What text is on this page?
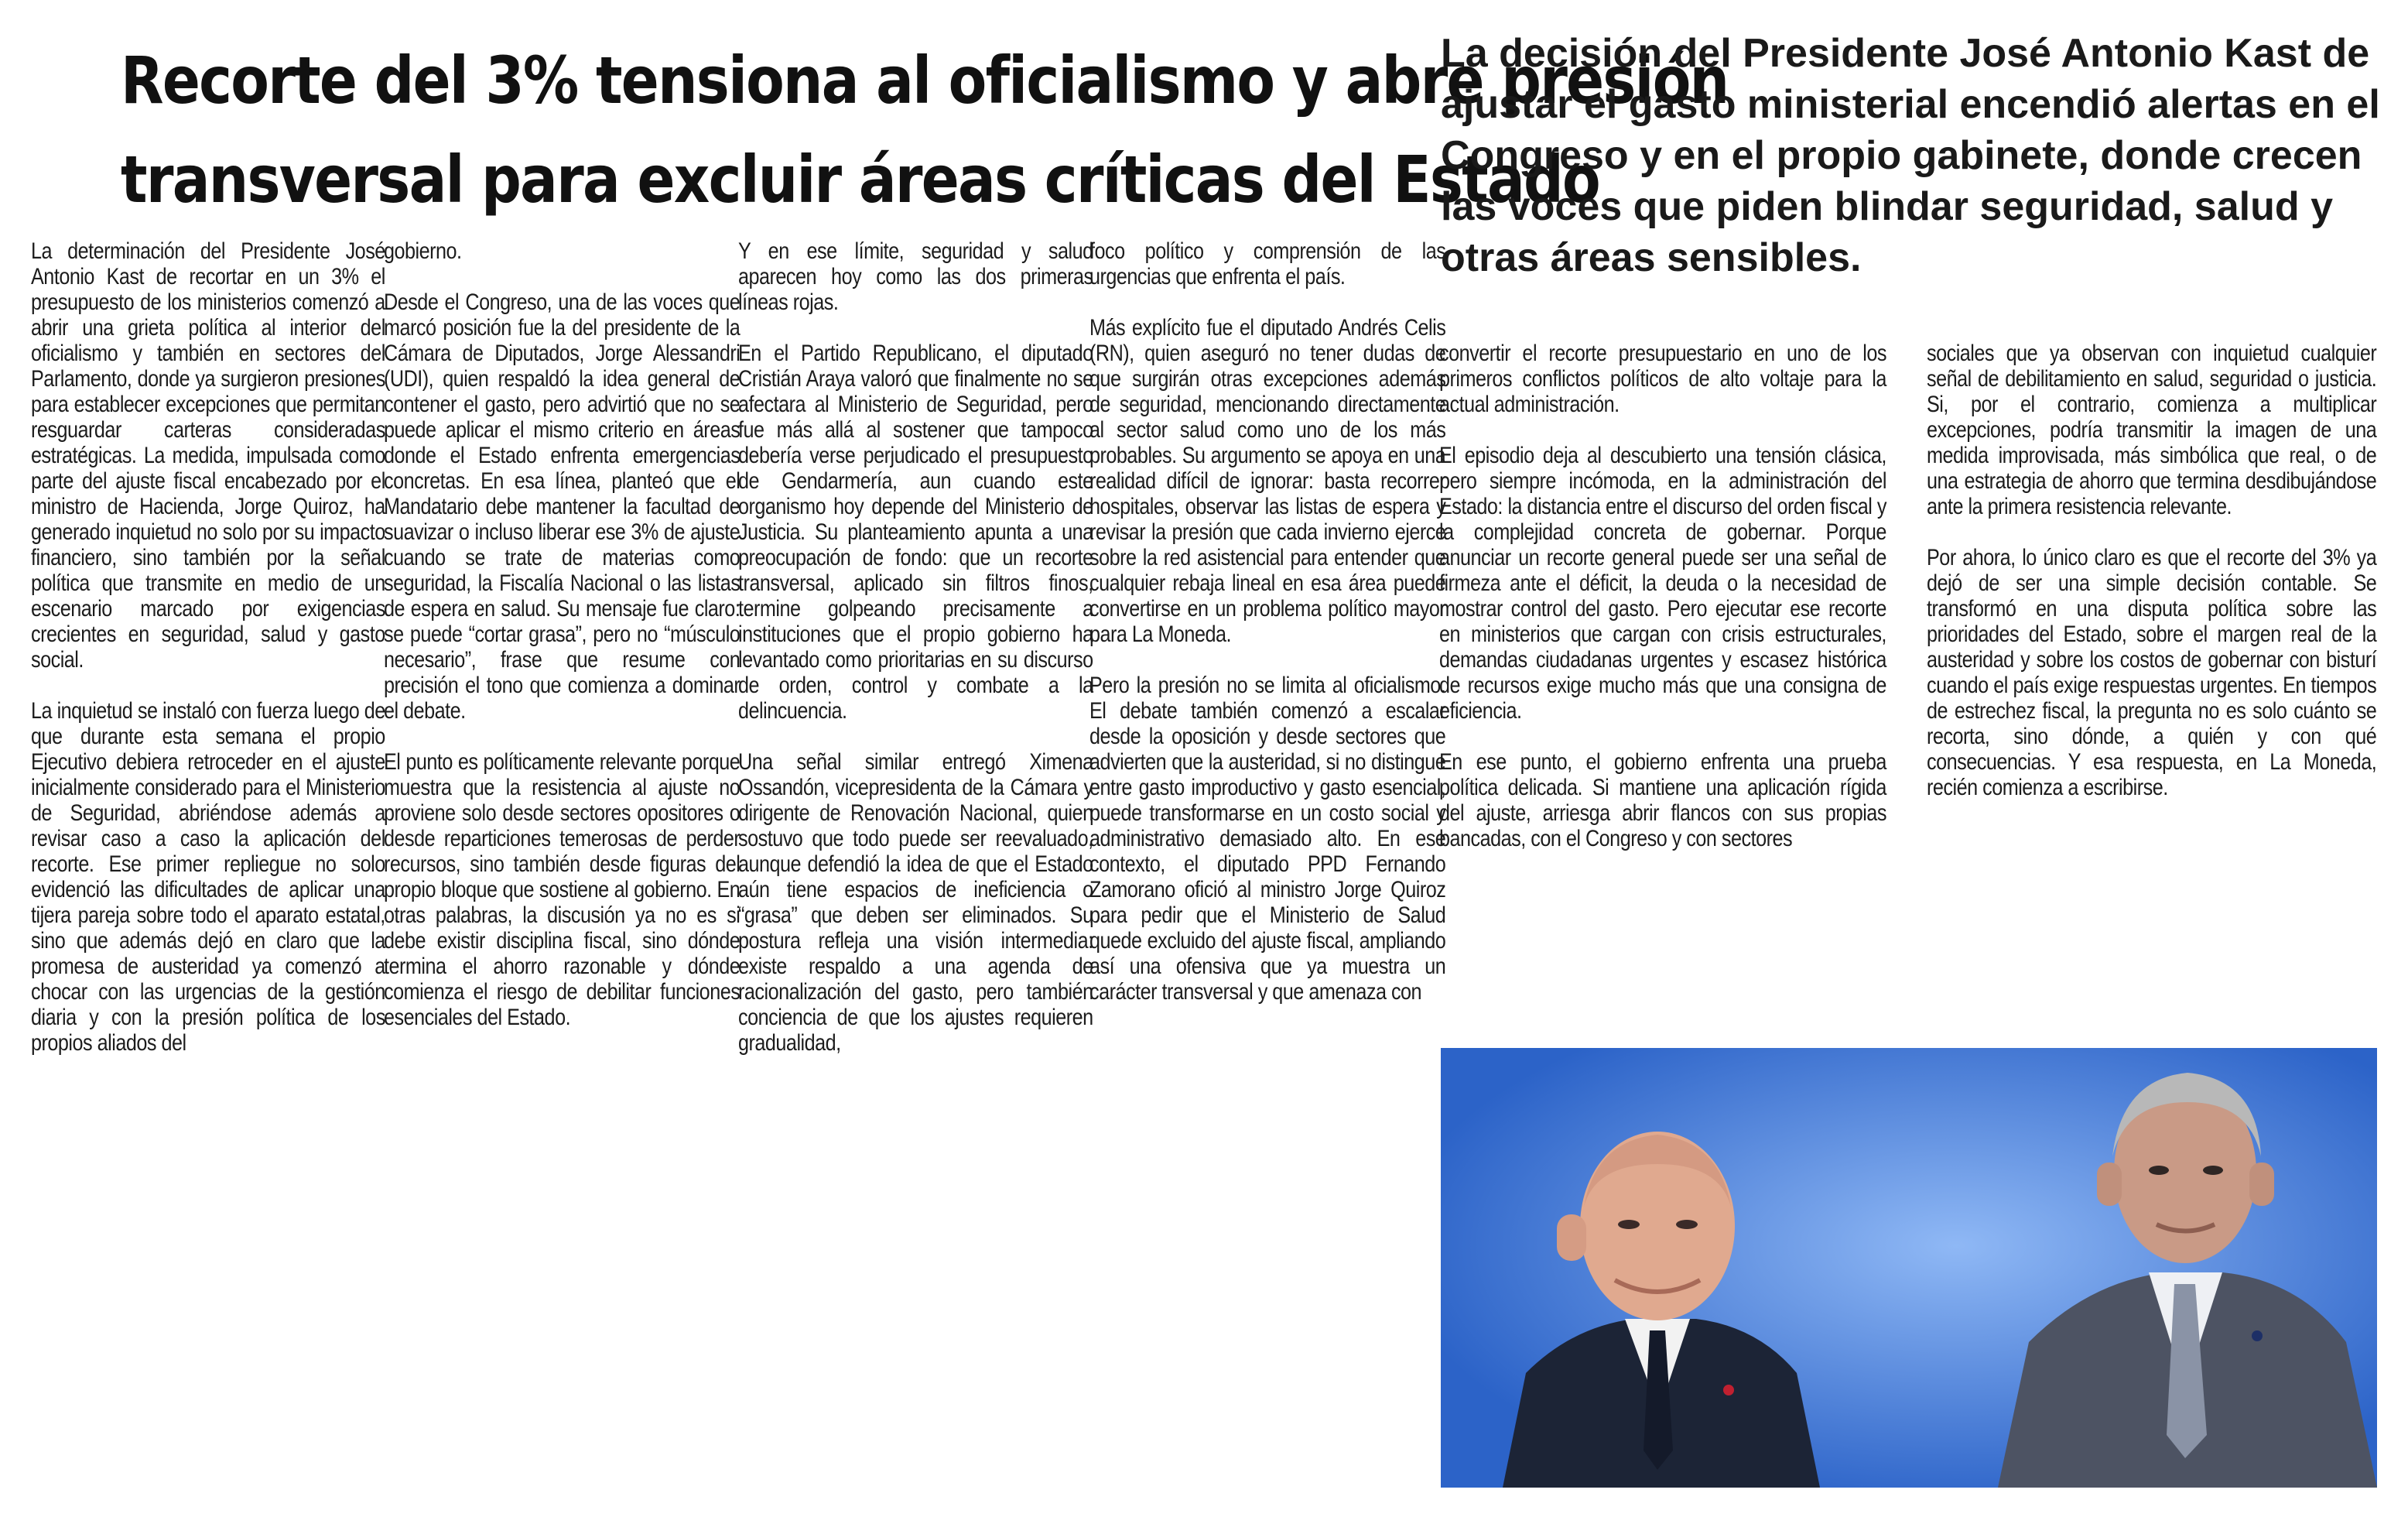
Recorte del 3% tensiona al oficialismo y abre presión
transversal para excluir áreas críticas del Estado
La decisión del Presidente José Antonio Kast de ajustar el gasto ministerial encendió alertas en el Congreso y en el propio gabinete, donde crecen las voces que piden blindar seguridad, salud y otras áreas sensibles.

La determinación del Presidente José Antonio Kast de recortar en un 3% el presupuesto de los ministerios comenzó a abrir una grieta política al interior del oficialismo y también en sectores del Parlamento, donde ya surgieron presiones para establecer excepciones que permitan resguardar carteras consideradas estratégicas. La medida, impulsada como parte del ajuste fiscal encabezado por el ministro de Hacienda, Jorge Quiroz, ha generado inquietud no solo por su impacto financiero, sino también por la señal política que transmite en medio de un escenario marcado por exigencias crecientes en seguridad, salud y gasto social.

La inquietud se instaló con fuerza luego de que durante esta semana el propio Ejecutivo debiera retroceder en el ajuste inicialmente considerado para el Ministerio de Seguridad, abriéndose además a revisar caso a caso la aplicación del recorte. Ese primer repliegue no solo evidenció las dificultades de aplicar una tijera pareja sobre todo el aparato estatal, sino que además dejó en claro que la promesa de austeridad ya comenzó a chocar con las urgencias de la gestión diaria y con la presión política de los propios aliados del

gobierno.

Desde el Congreso, una de las voces que marcó posición fue la del presidente de la Cámara de Diputados, Jorge Alessandri (UDI), quien respaldó la idea general de contener el gasto, pero advirtió que no se puede aplicar el mismo criterio en áreas donde el Estado enfrenta emergencias concretas. En esa línea, planteó que el Mandatario debe mantener la facultad de suavizar o incluso liberar ese 3% de ajuste cuando se trate de materias como seguridad, la Fiscalía Nacional o las listas de espera en salud. Su mensaje fue claro: se puede “cortar grasa”, pero no “músculo necesario”, frase que resume con precisión el tono que comienza a dominar el debate.

El punto es políticamente relevante porque muestra que la resistencia al ajuste no proviene solo desde sectores opositores o desde reparticiones temerosas de perder recursos, sino también desde figuras del propio bloque que sostiene al gobierno. En otras palabras, la discusión ya no es si debe existir disciplina fiscal, sino dónde termina el ahorro razonable y dónde comienza el riesgo de debilitar funciones esenciales del Estado.

Y en ese límite, seguridad y salud aparecen hoy como las dos primeras líneas rojas.

En el Partido Republicano, el diputado Cristián Araya valoró que finalmente no se afectara al Ministerio de Seguridad, pero fue más allá al sostener que tampoco debería verse perjudicado el presupuesto de Gendarmería, aun cuando este organismo hoy depende del Ministerio de Justicia. Su planteamiento apunta a una preocupación de fondo: que un recorte transversal, aplicado sin filtros finos, termine golpeando precisamente a instituciones que el propio gobierno ha levantado como prioritarias en su discurso de orden, control y combate a la delincuencia.

Una señal similar entregó Ximena Ossandón, vicepresidenta de la Cámara y dirigente de Renovación Nacional, quien sostuvo que todo puede ser reevaluado, aunque defendió la idea de que el Estado aún tiene espacios de ineficiencia o “grasa” que deben ser eliminados. Su postura refleja una visión intermedia: existe respaldo a una agenda de racionalización del gasto, pero también conciencia de que los ajustes requieren gradualidad,

foco político y comprensión de las urgencias que enfrenta el país.

Más explícito fue el diputado Andrés Celis (RN), quien aseguró no tener dudas de que surgirán otras excepciones además de seguridad, mencionando directamente al sector salud como uno de los más probables. Su argumento se apoya en una realidad difícil de ignorar: basta recorrer hospitales, observar las listas de espera y revisar la presión que cada invierno ejerce sobre la red asistencial para entender que cualquier rebaja lineal en esa área puede convertirse en un problema político mayor para La Moneda.

Pero la presión no se limita al oficialismo. El debate también comenzó a escalar desde la oposición y desde sectores que advierten que la austeridad, si no distingue entre gasto improductivo y gasto esencial, puede transformarse en un costo social y administrativo demasiado alto. En ese contexto, el diputado PPD Fernando Zamorano ofició al ministro Jorge Quiroz para pedir que el Ministerio de Salud quede excluido del ajuste fiscal, ampliando así una ofensiva que ya muestra un carácter transversal y que amenaza con

convertir el recorte presupuestario en uno de los primeros conflictos políticos de alto voltaje para la actual administración.

El episodio deja al descubierto una tensión clásica, pero siempre incómoda, en la administración del Estado: la distancia entre el discurso del orden fiscal y la complejidad concreta de gobernar. Porque anunciar un recorte general puede ser una señal de firmeza ante el déficit, la deuda o la necesidad de mostrar control del gasto. Pero ejecutar ese recorte en ministerios que cargan con crisis estructurales, demandas ciudadanas urgentes y escasez histórica de recursos exige mucho más que una consigna de eficiencia.

En ese punto, el gobierno enfrenta una prueba política delicada. Si mantiene una aplicación rígida del ajuste, arriesga abrir flancos con sus propias bancadas, con el Congreso y con sectores

sociales que ya observan con inquietud cualquier señal de debilitamiento en salud, seguridad o justicia. Si, por el contrario, comienza a multiplicar excepciones, podría transmitir la imagen de una medida improvisada, más simbólica que real, o de una estrategia de ahorro que termina desdibujándose ante la primera resistencia relevante.

Por ahora, lo único claro es que el recorte del 3% ya dejó de ser una simple decisión contable. Se transformó en una disputa política sobre las prioridades del Estado, sobre el margen real de la austeridad y sobre los costos de gobernar con bisturí cuando el país exige respuestas urgentes. En tiempos de estrechez fiscal, la pregunta no es solo cuánto se recorta, sino dónde, a quién y con qué consecuencias. Y esa respuesta, en La Moneda, recién comienza a escribirse.
